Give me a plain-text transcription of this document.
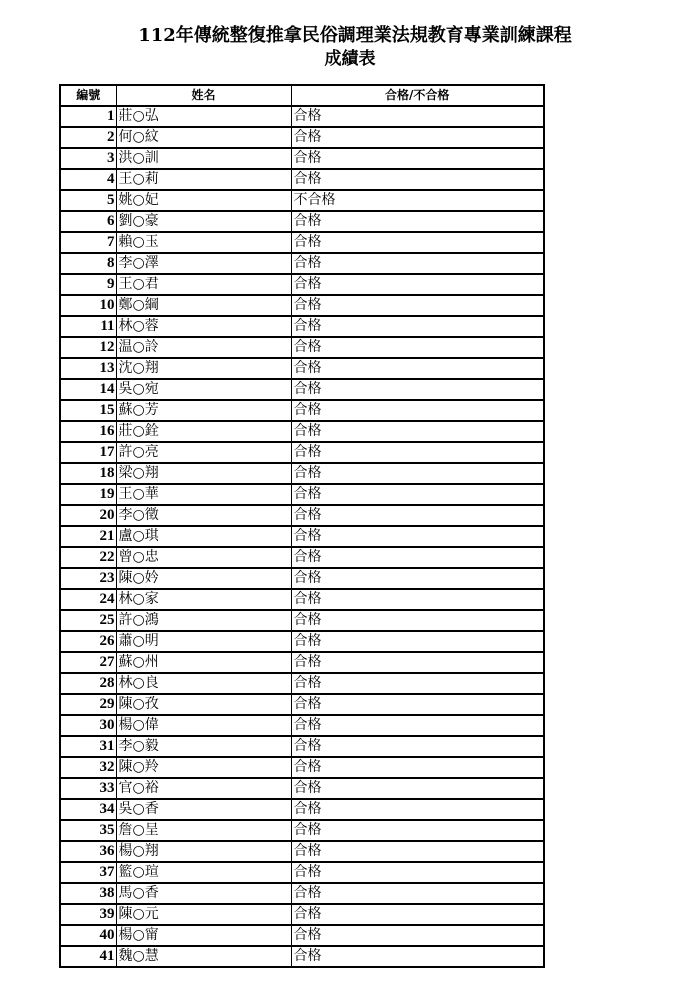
112年傳統整復推拿民俗調理業法規教育專業訓練課程
成績表
編號	姓名	合格/不合格
1	莊○弘	合格
2	何○紋	合格
3	洪○訓	合格
4	王○莉	合格
5	姚○妃	不合格
6	劉○豪	合格
7	賴○玉	合格
8	李○澤	合格
9	王○君	合格
10	鄭○綱	合格
11	林○蓉	合格
12	温○詅	合格
13	沈○翔	合格
14	吳○宛	合格
15	蘇○芳	合格
16	莊○銓	合格
17	許○亮	合格
18	梁○翔	合格
19	王○華	合格
20	李○徵	合格
21	盧○琪	合格
22	曾○忠	合格
23	陳○妗	合格
24	林○家	合格
25	許○鴻	合格
26	蕭○明	合格
27	蘇○州	合格
28	林○良	合格
29	陳○孜	合格
30	楊○偉	合格
31	李○毅	合格
32	陳○羚	合格
33	官○裕	合格
34	吳○香	合格
35	詹○呈	合格
36	楊○翔	合格
37	籃○瑄	合格
38	馬○香	合格
39	陳○元	合格
40	楊○甯	合格
41	魏○慧	合格
